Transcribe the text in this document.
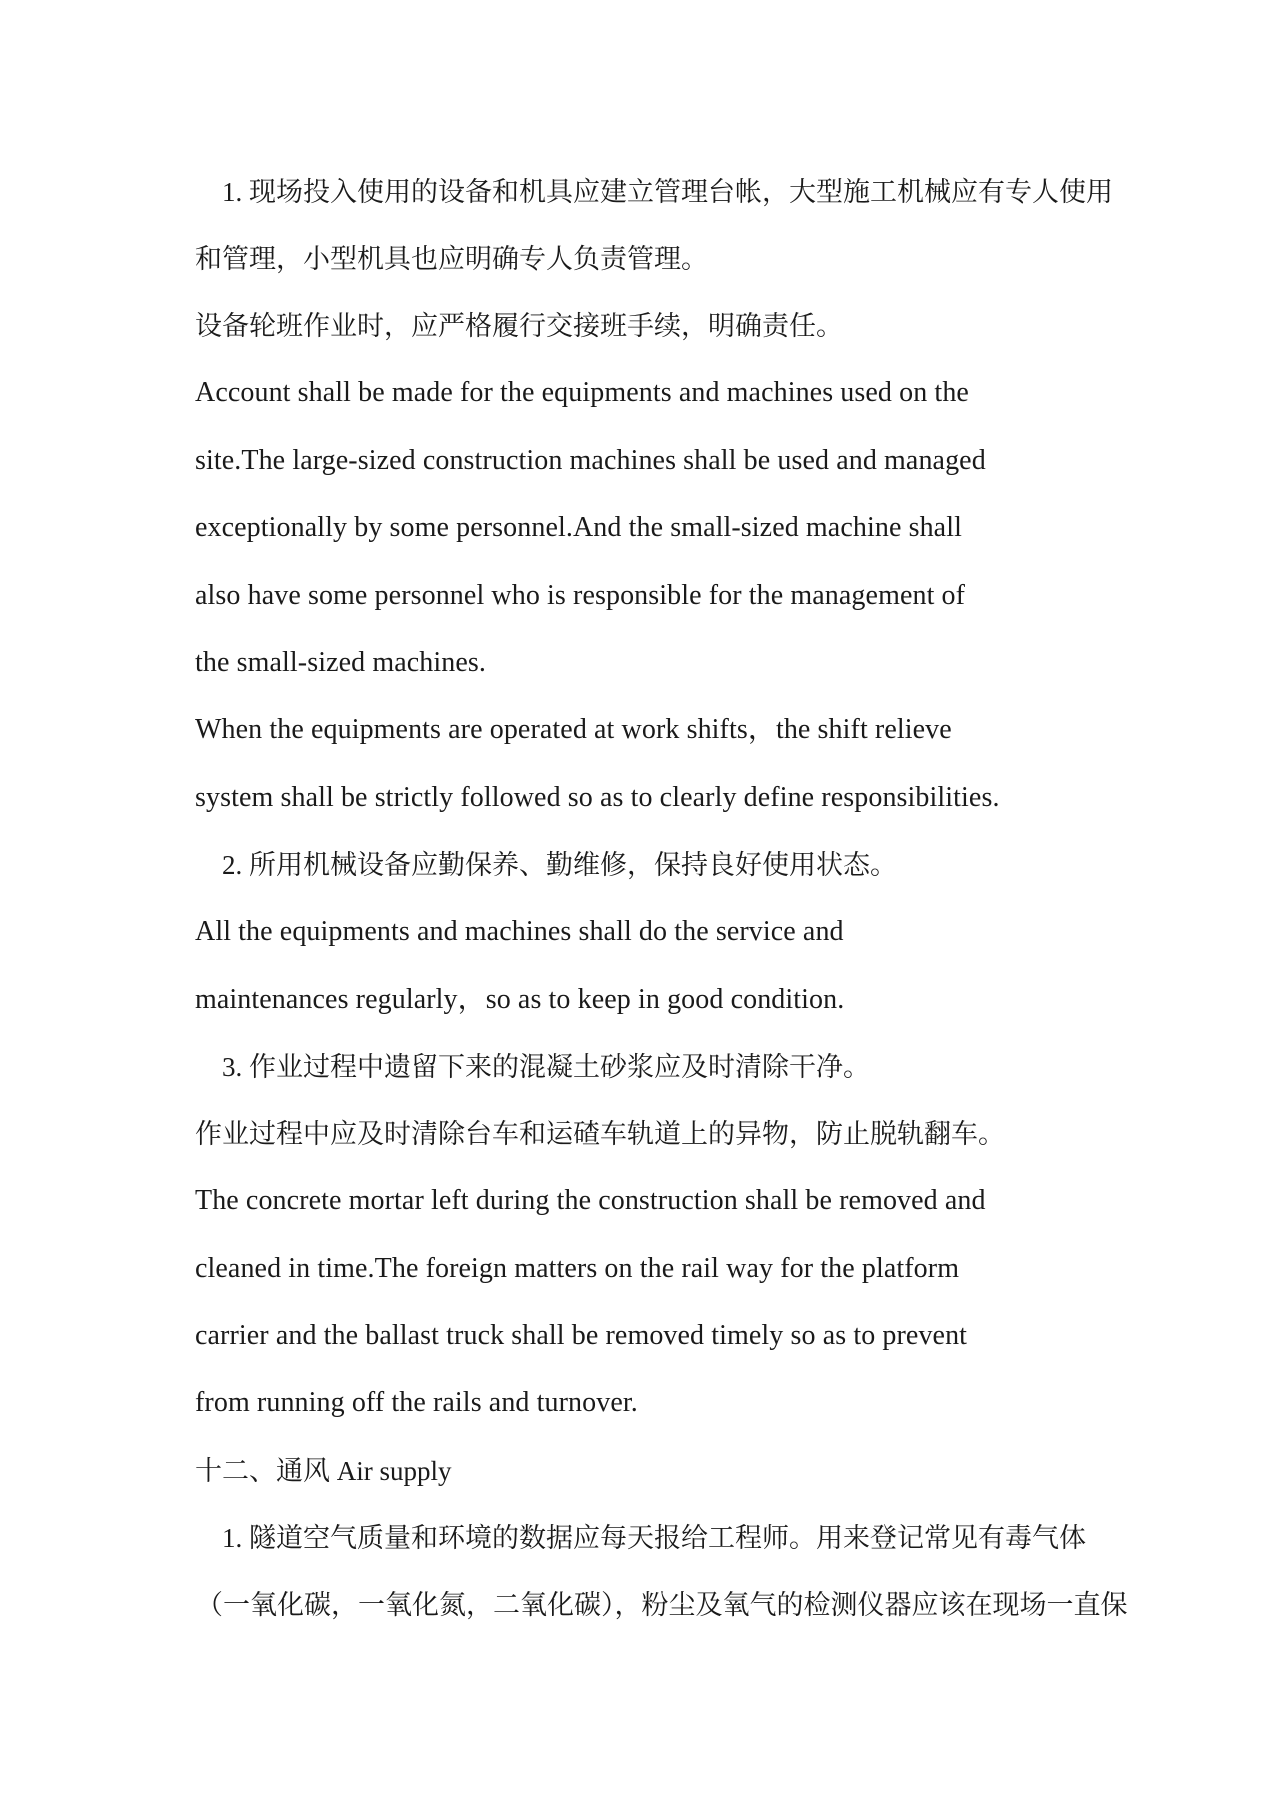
1. 现场投入使用的设备和机具应建立管理台帐，大型施工机械应有专人使用
和管理，小型机具也应明确专人负责管理。
设备轮班作业时，应严格履行交接班手续，明确责任。
Account shall be made for the equipments and machines used on the
site.The large-sized construction machines shall be used and managed
exceptionally by some personnel.And the small-sized machine shall
also have some personnel who is responsible for the management of
the small-sized machines.
When the equipments are operated at work shifts，the shift relieve
system shall be strictly followed so as to clearly define responsibilities.
2. 所用机械设备应勤保养、勤维修，保持良好使用状态。
All the equipments and machines shall do the service and
maintenances regularly，so as to keep in good condition.
3. 作业过程中遗留下来的混凝土砂浆应及时清除干净。
作业过程中应及时清除台车和运碴车轨道上的异物，防止脱轨翻车。
The concrete mortar left during the construction shall be removed and
cleaned in time.The foreign matters on the rail way for the platform
carrier and the ballast truck shall be removed timely so as to prevent
from running off the rails and turnover.
十二、通风 Air supply
1. 隧道空气质量和环境的数据应每天报给工程师。用来登记常见有毒气体
（一氧化碳，一氧化氮，二氧化碳），粉尘及氧气的检测仪器应该在现场一直保
